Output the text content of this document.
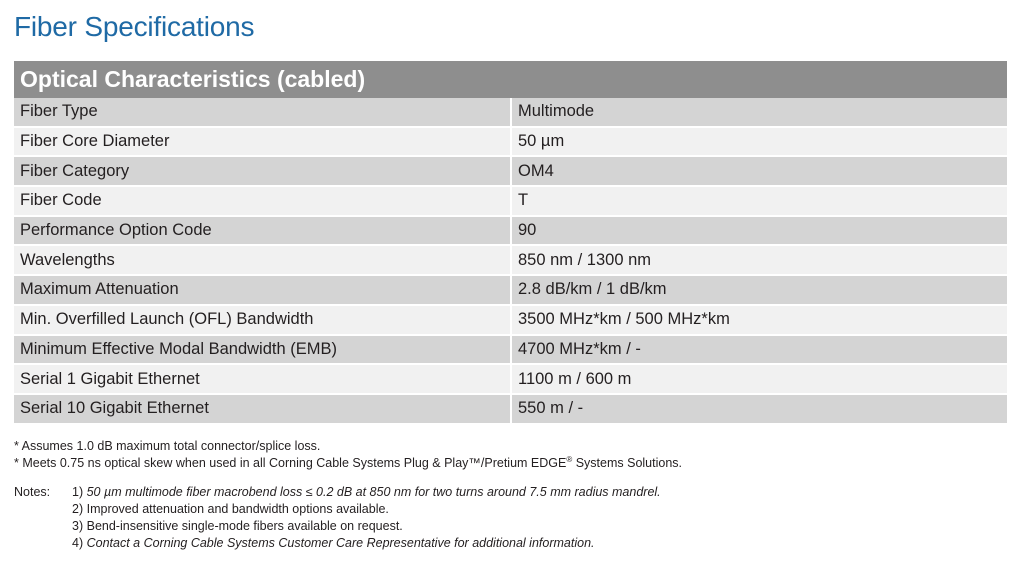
Fiber Specifications
Optical Characteristics (cabled)	
Fiber Type	Multimode
Fiber Core Diameter	50 µm
Fiber Category	OM4
Fiber Code	T
Performance Option Code	90
Wavelengths	850 nm / 1300 nm
Maximum Attenuation	2.8 dB/km / 1 dB/km
Min. Overfilled Launch (OFL) Bandwidth	3500 MHz*km / 500 MHz*km
Minimum Effective Modal Bandwidth (EMB)	4700 MHz*km / -
Serial 1 Gigabit Ethernet	1100 m / 600 m
Serial 10 Gigabit Ethernet	550 m / -
* Assumes 1.0 dB maximum total connector/splice loss.
* Meets 0.75 ns optical skew when used in all Corning Cable Systems Plug & Play™/Pretium EDGE® Systems Solutions.
Notes:	1) 50 µm multimode fiber macrobend loss ≤ 0.2 dB at 850 nm for two turns around 7.5 mm radius mandrel.
2) Improved attenuation and bandwidth options available.
3) Bend-insensitive single-mode fibers available on request.
4) Contact a Corning Cable Systems Customer Care Representative for additional information.
